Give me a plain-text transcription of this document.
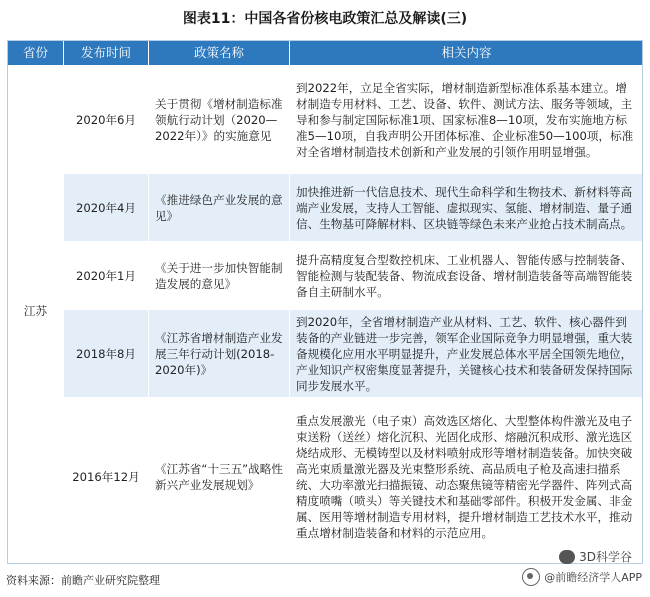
图表11：中国各省份核电政策汇总及解读(三)
省份	发布时间	政策名称	相关内容
江苏	2020年6月	关于贯彻《增材制造标准领航行动计划（2020—2022年）》的实施意见	到2022年，立足全省实际，增材制造新型标准体系基本建立。增材制造专用材料、工艺、设备、软件、测试方法、服务等领域，主导和参与制定国际标准1项、国家标准8—10项，发布实施地方标准5—10项，自我声明公开团体标准、企业标准50—100项，标准对全省增材制造技术创新和产业发展的引领作用明显增强。
	2020年4月	《推进绿色产业发展的意见》	加快推进新一代信息技术、现代生命科学和生物技术、新材料等高端产业发展，支持人工智能、虚拟现实、氢能、增材制造、量子通信、生物基可降解材料、区块链等绿色未来产业抢占技术制高点。
	2020年1月	《关于进一步加快智能制造发展的意见》	提升高精度复合型数控机床、工业机器人、智能传感与控制装备、智能检测与装配装备、物流成套设备、增材制造装备等高端智能装备自主研制水平。
	2018年8月	《江苏省增材制造产业发展三年行动计划(2018-2020年)》	到2020年，全省增材制造产业从材料、工艺、软件、核心器件到装备的产业链进一步完善，领军企业国际竞争力明显增强，重大装备规模化应用水平明显提升，产业发展总体水平居全国领先地位，产业知识产权密集度显著提升，关键核心技术和装备研发保持国际同步发展水平。
	2016年12月	《江苏省“十三五”战略性新兴产业发展规划》	重点发展激光（电子束）高效选区熔化、大型整体构件激光及电子束送粉（送丝）熔化沉积、光固化成形、熔融沉积成形、激光选区烧结成形、无模铸型以及材料喷射成形等增材制造装备。加快突破高光束质量激光器及光束整形系统、高品质电子枪及高速扫描系统、大功率激光扫描振镜、动态聚焦镜等精密光学器件、阵列式高精度喷嘴（喷头）等关键技术和基础零部件。积极开发金属、非金属、医用等增材制造专用材料，提升增材制造工艺技术水平，推动重点增材制造装备和材料的示范应用。
资料来源：前瞻产业研究院整理
3D科学谷
@前瞻经济学人APP
